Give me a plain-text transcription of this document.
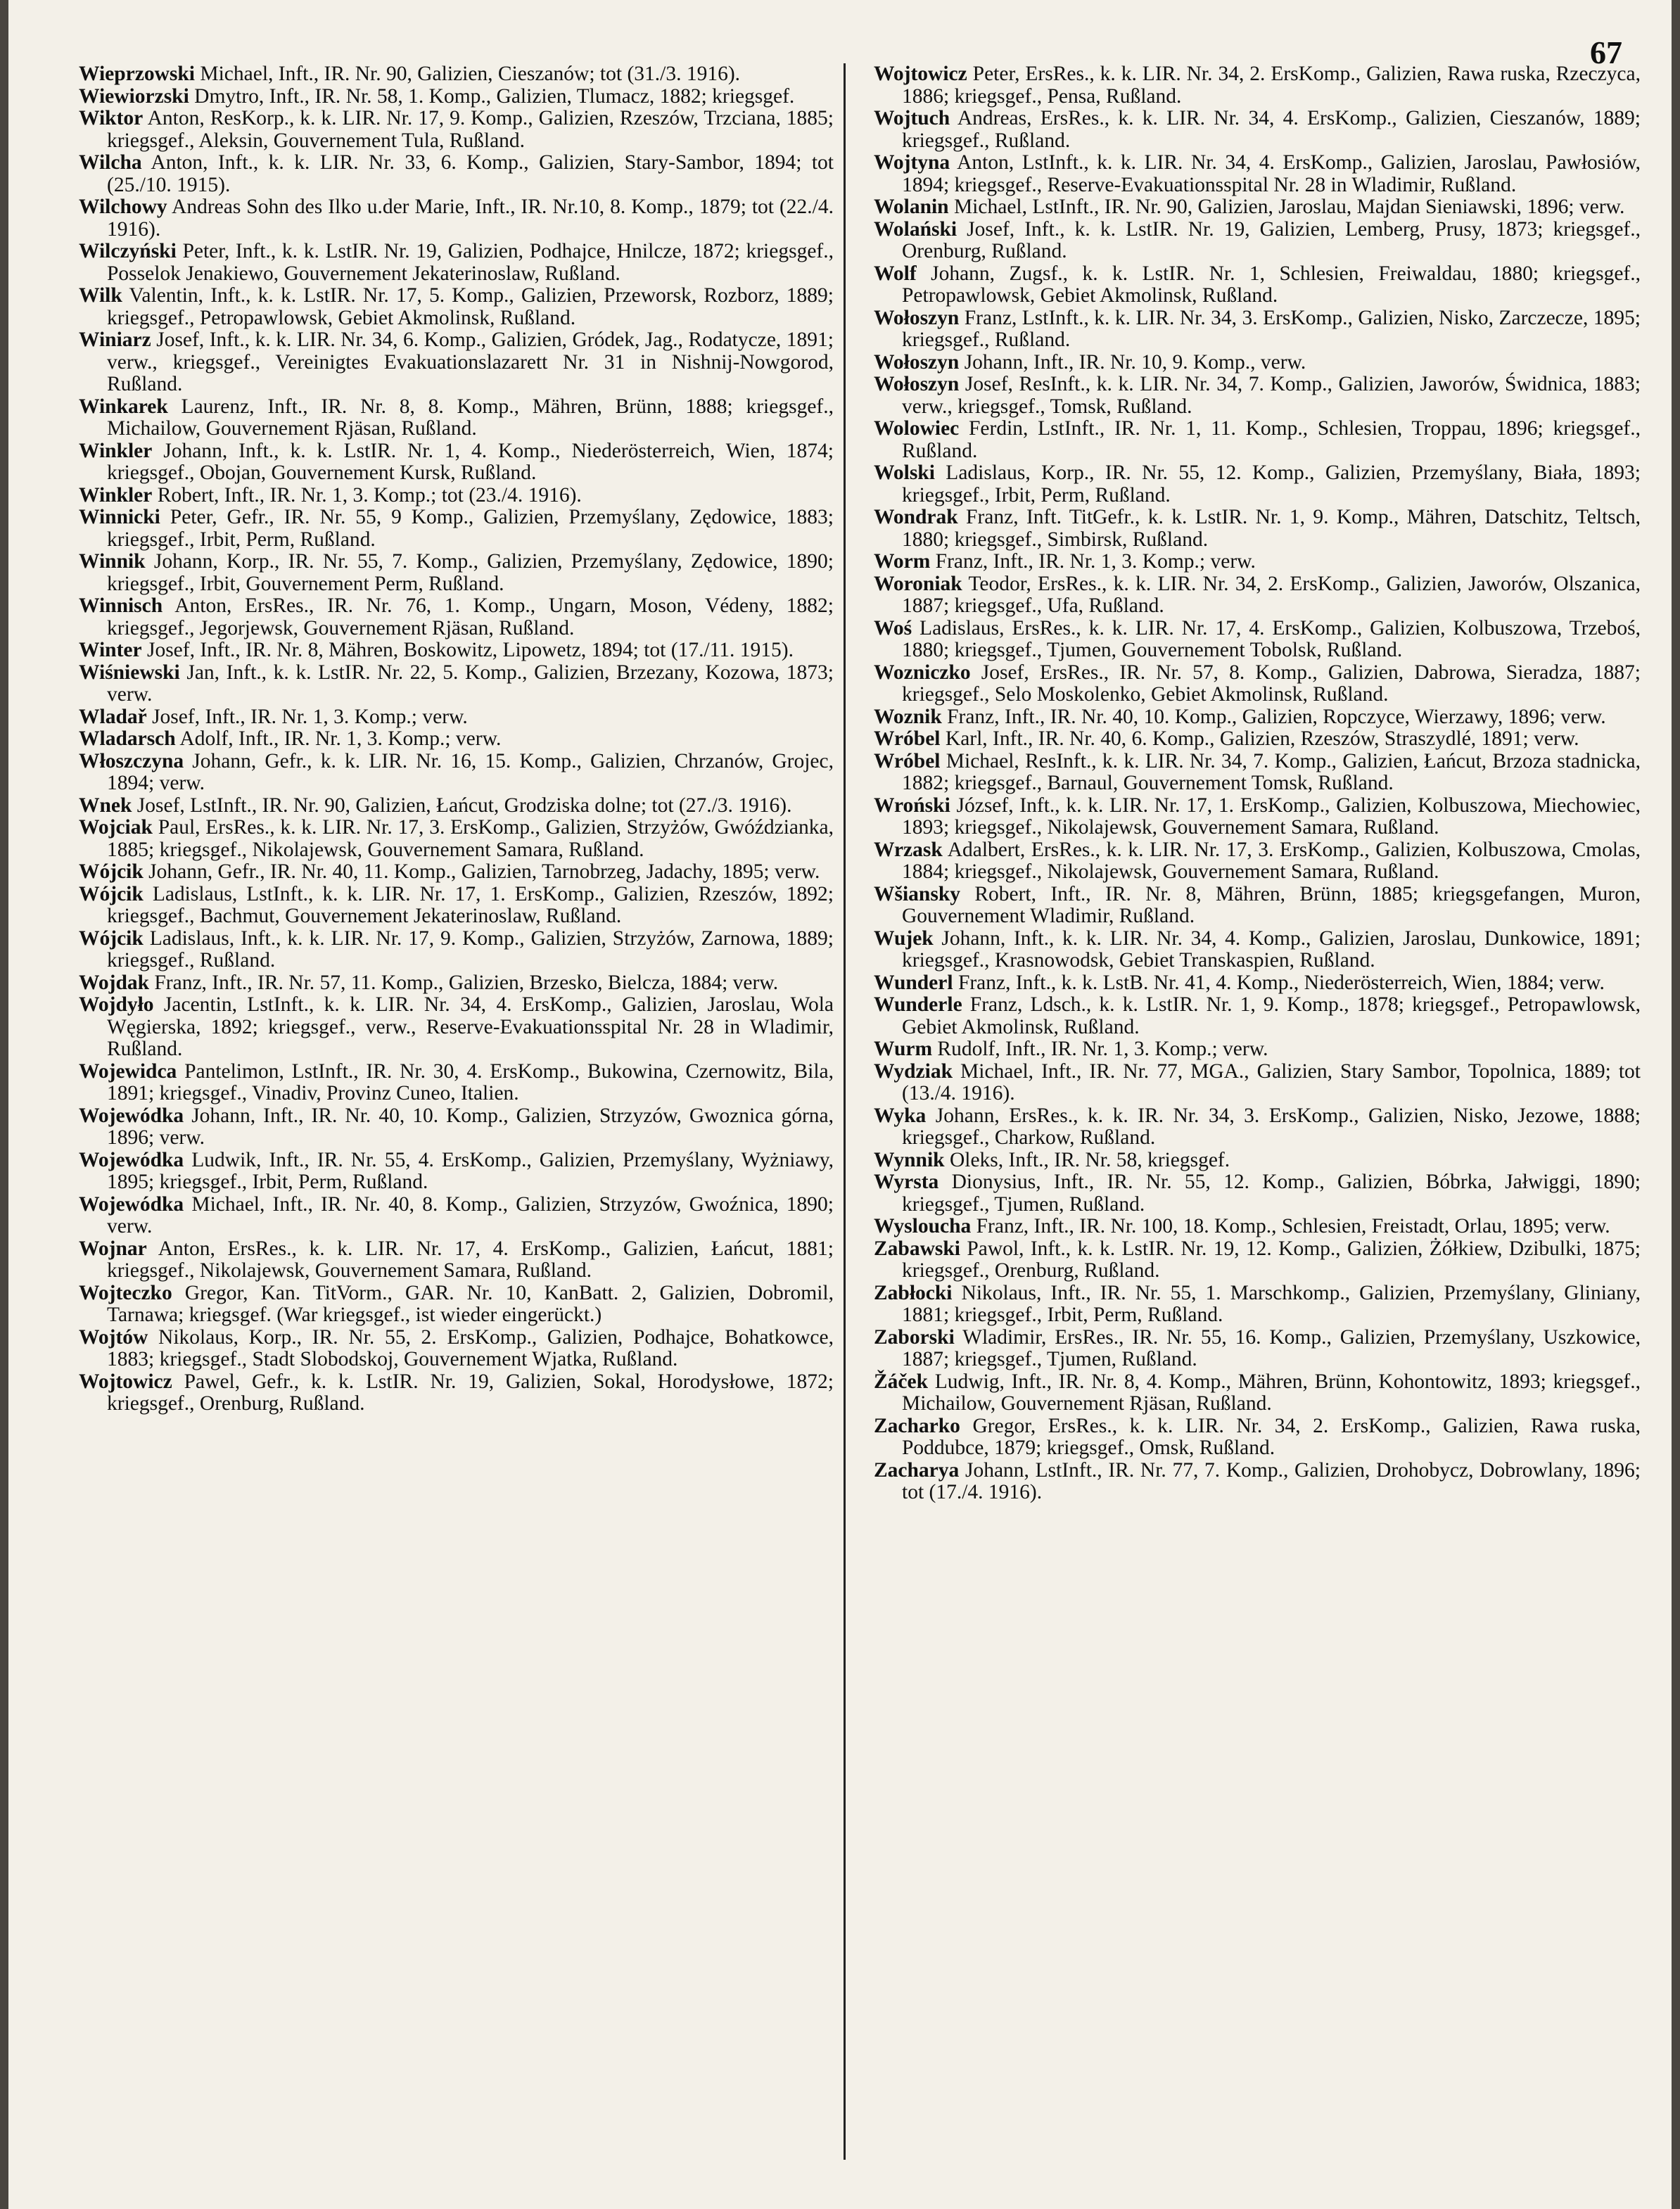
67

Wieprzowski Michael, Inft., IR. Nr. 90, Galizien, Cieszanów; tot (31./3. 1916).

Wiewiorzski Dmytro, Inft., IR. Nr. 58, 1. Komp., Galizien, Tlumacz, 1882; kriegsgef.

Wiktor Anton, ResKorp., k. k. LIR. Nr. 17, 9. Komp., Galizien, Rzeszów, Trzciana, 1885; kriegsgef., Aleksin, Gouvernement Tula, Rußland.

Wilcha Anton, Inft., k. k. LIR. Nr. 33, 6. Komp., Galizien, Stary-Sambor, 1894; tot (25./10. 1915).

Wilchowy Andreas Sohn des Ilko u.der Marie, Inft., IR. Nr.10, 8. Komp., 1879; tot (22./4. 1916).

Wilczyński Peter, Inft., k. k. LstIR. Nr. 19, Galizien, Podhajce, Hnilcze, 1872; kriegsgef., Posselok Jenakiewo, Gouvernement Jekaterinoslaw, Rußland.

Wilk Valentin, Inft., k. k. LstIR. Nr. 17, 5. Komp., Galizien, Przeworsk, Rozborz, 1889; kriegsgef., Petropawlowsk, Gebiet Akmolinsk, Rußland.

Winiarz Josef, Inft., k. k. LIR. Nr. 34, 6. Komp., Galizien, Gródek, Jag., Rodatycze, 1891; verw., kriegsgef., Vereinigtes Evakuationslazarett Nr. 31 in Nishnij-Nowgorod, Rußland.

Winkarek Laurenz, Inft., IR. Nr. 8, 8. Komp., Mähren, Brünn, 1888; kriegsgef., Michailow, Gouvernement Rjäsan, Rußland.

Winkler Johann, Inft., k. k. LstIR. Nr. 1, 4. Komp., Niederösterreich, Wien, 1874; kriegsgef., Obojan, Gouvernement Kursk, Rußland.

Winkler Robert, Inft., IR. Nr. 1, 3. Komp.; tot (23./4. 1916).

Winnicki Peter, Gefr., IR. Nr. 55, 9 Komp., Galizien, Przemyślany, Zędowice, 1883; kriegsgef., Irbit, Perm, Rußland.

Winnik Johann, Korp., IR. Nr. 55, 7. Komp., Galizien, Przemyślany, Zędowice, 1890; kriegsgef., Irbit, Gouvernement Perm, Rußland.

Winnisch Anton, ErsRes., IR. Nr. 76, 1. Komp., Ungarn, Moson, Védeny, 1882; kriegsgef., Jegorjewsk, Gouvernement Rjäsan, Rußland.

Winter Josef, Inft., IR. Nr. 8, Mähren, Boskowitz, Lipowetz, 1894; tot (17./11. 1915).

Wiśniewski Jan, Inft., k. k. LstIR. Nr. 22, 5. Komp., Galizien, Brzezany, Kozowa, 1873; verw.

Wladař Josef, Inft., IR. Nr. 1, 3. Komp.; verw.

Wladarsch Adolf, Inft., IR. Nr. 1, 3. Komp.; verw.

Włoszczyna Johann, Gefr., k. k. LIR. Nr. 16, 15. Komp., Galizien, Chrzanów, Grojec, 1894; verw.

Wnek Josef, LstInft., IR. Nr. 90, Galizien, Łańcut, Grodziska dolne; tot (27./3. 1916).

Wojciak Paul, ErsRes., k. k. LIR. Nr. 17, 3. ErsKomp., Galizien, Strzyżów, Gwóździanka, 1885; kriegsgef., Nikolajewsk, Gouvernement Samara, Rußland.

Wójcik Johann, Gefr., IR. Nr. 40, 11. Komp., Galizien, Tarnobrzeg, Jadachy, 1895; verw.

Wójcik Ladislaus, LstInft., k. k. LIR. Nr. 17, 1. ErsKomp., Galizien, Rzeszów, 1892; kriegsgef., Bachmut, Gouvernement Jekaterinoslaw, Rußland.

Wójcik Ladislaus, Inft., k. k. LIR. Nr. 17, 9. Komp., Galizien, Strzyżów, Zarnowa, 1889; kriegsgef., Rußland.

Wojdak Franz, Inft., IR. Nr. 57, 11. Komp., Galizien, Brzesko, Bielcza, 1884; verw.

Wojdyło Jacentin, LstInft., k. k. LIR. Nr. 34, 4. ErsKomp., Galizien, Jaroslau, Wola Węgierska, 1892; kriegsgef., verw., Reserve-Evakuationsspital Nr. 28 in Wladimir, Rußland.

Wojewidca Pantelimon, LstInft., IR. Nr. 30, 4. ErsKomp., Bukowina, Czernowitz, Bila, 1891; kriegsgef., Vinadiv, Provinz Cuneo, Italien.

Wojewódka Johann, Inft., IR. Nr. 40, 10. Komp., Galizien, Strzyzów, Gwoznica górna, 1896; verw.

Wojewódka Ludwik, Inft., IR. Nr. 55, 4. ErsKomp., Galizien, Przemyślany, Wyżniawy, 1895; kriegsgef., Irbit, Perm, Rußland.

Wojewódka Michael, Inft., IR. Nr. 40, 8. Komp., Galizien, Strzyzów, Gwoźnica, 1890; verw.

Wojnar Anton, ErsRes., k. k. LIR. Nr. 17, 4. ErsKomp., Galizien, Łańcut, 1881; kriegsgef., Nikolajewsk, Gouvernement Samara, Rußland.

Wojteczko Gregor, Kan. TitVorm., GAR. Nr. 10, KanBatt. 2, Galizien, Dobromil, Tarnawa; kriegsgef. (War kriegsgef., ist wieder eingerückt.)

Wojtów Nikolaus, Korp., IR. Nr. 55, 2. ErsKomp., Galizien, Podhajce, Bohatkowce, 1883; kriegsgef., Stadt Slobodskoj, Gouvernement Wjatka, Rußland.

Wojtowicz Pawel, Gefr., k. k. LstIR. Nr. 19, Galizien, Sokal, Horodysłowe, 1872; kriegsgef., Orenburg, Rußland.

Wojtowicz Peter, ErsRes., k. k. LIR. Nr. 34, 2. ErsKomp., Galizien, Rawa ruska, Rzeczyca, 1886; kriegsgef., Pensa, Rußland.

Wojtuch Andreas, ErsRes., k. k. LIR. Nr. 34, 4. ErsKomp., Galizien, Cieszanów, 1889; kriegsgef., Rußland.

Wojtyna Anton, LstInft., k. k. LIR. Nr. 34, 4. ErsKomp., Galizien, Jaroslau, Pawłosiów, 1894; kriegsgef., Reserve-Evakuationsspital Nr. 28 in Wladimir, Rußland.

Wolanin Michael, LstInft., IR. Nr. 90, Galizien, Jaroslau, Majdan Sieniawski, 1896; verw.

Wolański Josef, Inft., k. k. LstIR. Nr. 19, Galizien, Lemberg, Prusy, 1873; kriegsgef., Orenburg, Rußland.

Wolf Johann, Zugsf., k. k. LstIR. Nr. 1, Schlesien, Freiwaldau, 1880; kriegsgef., Petropawlowsk, Gebiet Akmolinsk, Rußland.

Wołoszyn Franz, LstInft., k. k. LIR. Nr. 34, 3. ErsKomp., Galizien, Nisko, Zarczecze, 1895; kriegsgef., Rußland.

Wołoszyn Johann, Inft., IR. Nr. 10, 9. Komp., verw.

Wołoszyn Josef, ResInft., k. k. LIR. Nr. 34, 7. Komp., Galizien, Jaworów, Świdnica, 1883; verw., kriegsgef., Tomsk, Rußland.

Wolowiec Ferdin, LstInft., IR. Nr. 1, 11. Komp., Schlesien, Troppau, 1896; kriegsgef., Rußland.

Wolski Ladislaus, Korp., IR. Nr. 55, 12. Komp., Galizien, Przemyślany, Biała, 1893; kriegsgef., Irbit, Perm, Rußland.

Wondrak Franz, Inft. TitGefr., k. k. LstIR. Nr. 1, 9. Komp., Mähren, Datschitz, Teltsch, 1880; kriegsgef., Simbirsk, Rußland.

Worm Franz, Inft., IR. Nr. 1, 3. Komp.; verw.

Woroniak Teodor, ErsRes., k. k. LIR. Nr. 34, 2. ErsKomp., Galizien, Jaworów, Olszanica, 1887; kriegsgef., Ufa, Rußland.

Woś Ladislaus, ErsRes., k. k. LIR. Nr. 17, 4. ErsKomp., Galizien, Kolbuszowa, Trzeboś, 1880; kriegsgef., Tjumen, Gouvernement Tobolsk, Rußland.

Wozniczko Josef, ErsRes., IR. Nr. 57, 8. Komp., Galizien, Dabrowa, Sieradza, 1887; kriegsgef., Selo Moskolenko, Gebiet Akmolinsk, Rußland.

Woznik Franz, Inft., IR. Nr. 40, 10. Komp., Galizien, Ropczyce, Wierzawy, 1896; verw.

Wróbel Karl, Inft., IR. Nr. 40, 6. Komp., Galizien, Rzeszów, Straszydlé, 1891; verw.

Wróbel Michael, ResInft., k. k. LIR. Nr. 34, 7. Komp., Galizien, Łańcut, Brzoza stadnicka, 1882; kriegsgef., Barnaul, Gouvernement Tomsk, Rußland.

Wroński József, Inft., k. k. LIR. Nr. 17, 1. ErsKomp., Galizien, Kolbuszowa, Miechowiec, 1893; kriegsgef., Nikolajewsk, Gouvernement Samara, Rußland.

Wrzask Adalbert, ErsRes., k. k. LIR. Nr. 17, 3. ErsKomp., Galizien, Kolbuszowa, Cmolas, 1884; kriegsgef., Nikolajewsk, Gouvernement Samara, Rußland.

Wšiansky Robert, Inft., IR. Nr. 8, Mähren, Brünn, 1885; kriegsgefangen, Muron, Gouvernement Wladimir, Rußland.

Wujek Johann, Inft., k. k. LIR. Nr. 34, 4. Komp., Galizien, Jaroslau, Dunkowice, 1891; kriegsgef., Krasnowodsk, Gebiet Transkaspien, Rußland.

Wunderl Franz, Inft., k. k. LstB. Nr. 41, 4. Komp., Niederösterreich, Wien, 1884; verw.

Wunderle Franz, Ldsch., k. k. LstIR. Nr. 1, 9. Komp., 1878; kriegsgef., Petropawlowsk, Gebiet Akmolinsk, Rußland.

Wurm Rudolf, Inft., IR. Nr. 1, 3. Komp.; verw.

Wydziak Michael, Inft., IR. Nr. 77, MGA., Galizien, Stary Sambor, Topolnica, 1889; tot (13./4. 1916).

Wyka Johann, ErsRes., k. k. IR. Nr. 34, 3. ErsKomp., Galizien, Nisko, Jezowe, 1888; kriegsgef., Charkow, Rußland.

Wynnik Oleks, Inft., IR. Nr. 58, kriegsgef.

Wyrsta Dionysius, Inft., IR. Nr. 55, 12. Komp., Galizien, Bóbrka, Jałwiggi, 1890; kriegsgef., Tjumen, Rußland.

Wysloucha Franz, Inft., IR. Nr. 100, 18. Komp., Schlesien, Freistadt, Orlau, 1895; verw.

Zabawski Pawol, Inft., k. k. LstIR. Nr. 19, 12. Komp., Galizien, Żółkiew, Dzibulki, 1875; kriegsgef., Orenburg, Rußland.

Zabłocki Nikolaus, Inft., IR. Nr. 55, 1. Marschkomp., Galizien, Przemyślany, Gliniany, 1881; kriegsgef., Irbit, Perm, Rußland.

Zaborski Wladimir, ErsRes., IR. Nr. 55, 16. Komp., Galizien, Przemyślany, Uszkowice, 1887; kriegsgef., Tjumen, Rußland.

Žáček Ludwig, Inft., IR. Nr. 8, 4. Komp., Mähren, Brünn, Kohontowitz, 1893; kriegsgef., Michailow, Gouvernement Rjäsan, Rußland.

Zacharko Gregor, ErsRes., k. k. LIR. Nr. 34, 2. ErsKomp., Galizien, Rawa ruska, Poddubce, 1879; kriegsgef., Omsk, Rußland.

Zacharya Johann, LstInft., IR. Nr. 77, 7. Komp., Galizien, Drohobycz, Dobrowlany, 1896; tot (17./4. 1916).
